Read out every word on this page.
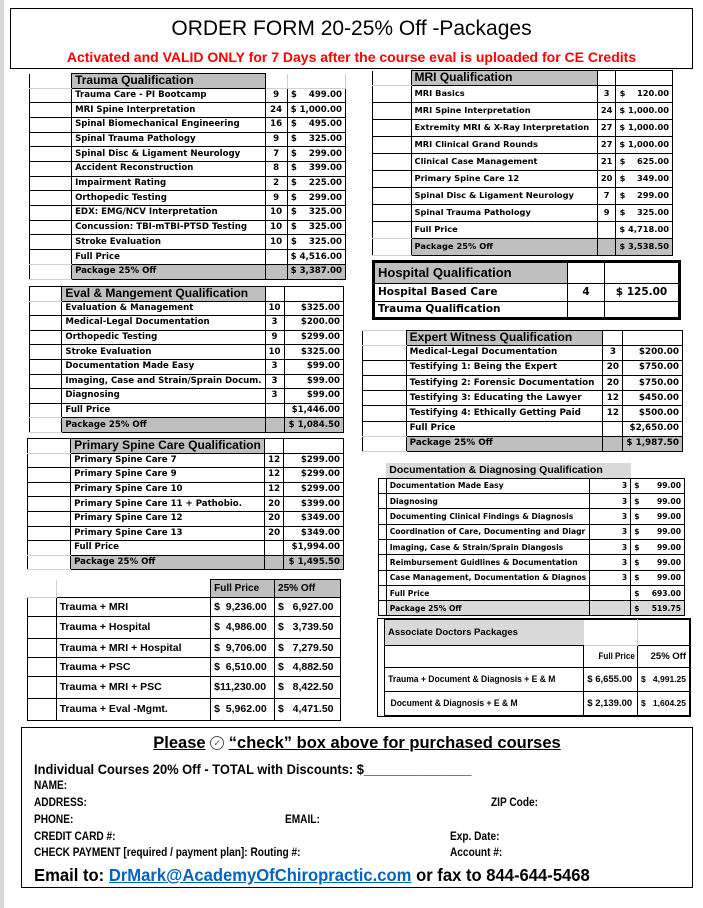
ORDER FORM 20-25% Off -Packages
Activated and VALID ONLY for 7 Days after the course eval is uploaded for CE Credits
	Trauma Qualification		
	Trauma Care - PI Bootcamp	9	$    499.00
	MRI Spine Interpretation	24	$ 1,000.00
	Spinal Biomechanical Engineering	16	$    495.00
	Spinal Trauma Pathology	9	$    325.00
	Spinal Disc & Ligament Neurology	7	$    299.00
	Accident Reconstruction	8	$    399.00
	Impairment Rating	2	$    225.00
	Orthopedic Testing	9	$    299.00
	EDX: EMG/NCV Interpretation	10	$    325.00
	Concussion: TBI-mTBI-PTSD Testing	10	$    325.00
	Stroke Evaluation	10	$    325.00
	Full Price		$ 4,516.00
	Package 25% Off		$ 3,387.00
	MRI Qualification		
	MRI Basics	3	$    120.00
	MRI Spine Interpretation	24	$ 1,000.00
	Extremity MRI & X-Ray Interpretation	27	$ 1,000.00
	MRI Clinical Grand Rounds	27	$ 1,000.00
	Clinical Case Management	21	$    625.00
	Primary Spine Care 12	20	$    349.00
	Spinal Disc & Ligament Neurology	7	$    299.00
	Spinal Trauma Pathology	9	$    325.00
	Full Price		$ 4,718.00
	Package 25% Off		$ 3,538.50
Hospital Qualification
Hospital Based Care	4	$ 125.00
Trauma Qualification
	Eval & Mangement Qualification		
	Evaluation & Management	10	$325.00
	Medical-Legal Documentation	3	$200.00
	Orthopedic Testing	9	$299.00
	Stroke Evaluation	10	$325.00
	Documentation Made Easy	3	$99.00
	Imaging, Case and Strain/Sprain Docum.	3	$99.00
	Diagnosing	3	$99.00
	Full Price		$1,446.00
	Package 25% Off		$ 1,084.50
	Expert Witness Qualification		
	Medical-Legal Documentation	3	$200.00
	Testifying 1: Being the Expert	20	$750.00
	Testifying 2: Forensic Documentation	20	$750.00
	Testifying 3: Educating the Lawyer	12	$450.00
	Testifying 4: Ethically Getting Paid	12	$500.00
	Full Price		$2,650.00
	Package 25% Off		$ 1,987.50
	Primary Spine Care Qualification		
	Primary Spine Care 7	12	$299.00
	Primary Spine Care 9	12	$299.00
	Primary Spine Care 10	12	$299.00
	Primary Spine Care 11 + Pathobio.	20	$399.00
	Primary Spine Care 12	20	$349.00
	Primary Spine Care 13	20	$349.00
	Full Price		$1,994.00
	Package 25% Off		$ 1,495.50
	Documentation & Diagnosing Qualification			
	Documentation Made Easy	3	$	99.00
	Diagnosing	3	$	99.00
	Documenting Clinical Findings & Diagnosis	3	$	99.00
	Coordination of Care, Documenting and Diagr	3	$	99.00
	Imaging, Case & Strain/Sprain Diangosis	3	$	99.00
	Reimbursement Guidlines & Documentation	3	$	99.00
	Case Management, Documentation & Diagnos	3	$	99.00
	Full Price		$	693.00
	Package 25% Off		$	519.75
		Full Price	25% Off
	Trauma + MRI	$  9,236.00	$   6,927.00
	Trauma + Hospital	$  4,986.00	$   3,739.50
	Trauma + MRI + Hospital	$  9,706.00	$   7,279.50
	Trauma + PSC	$  6,510.00	$   4,882.50
	Trauma + MRI + PSC	$11,230.00	$   8,422.50
	Trauma + Eval -Mgmt.	$  5,962.00	$   4,471.50
	Associate Doctors Packages		
		Full Price	25% Off
	Trauma + Document & Diagnosis + E & M	$ 6,655.00	$ 4,991.25

	Document & Diagnosis + E & M	$ 2,139.00	$ 1,604.25
Please ✓ “check” box above for purchased courses
Individual Courses 20% Off - TOTAL with Discounts: $_______________
NAME:
ADDRESS:	ZIP Code:
PHONE:	EMAIL:
CREDIT CARD #:	Exp. Date:
CHECK PAYMENT [required / payment plan]: Routing #:	Account #:
Email to: DrMark@AcademyOfChiropractic.com or fax to 844-644-5468
